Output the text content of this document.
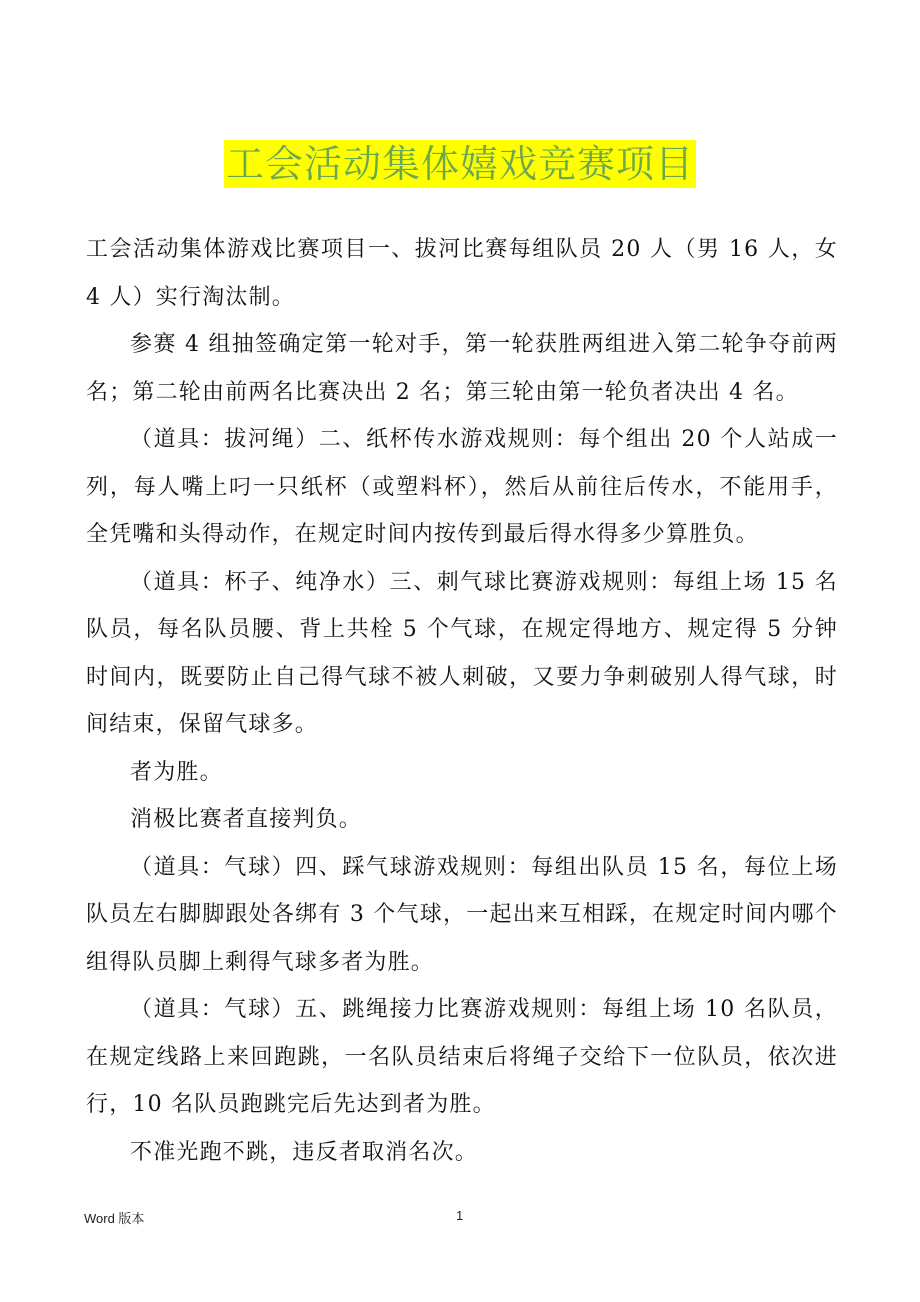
工会活动集体嬉戏竞赛项目

工会活动集体游戏比赛项目一、拔河比赛每组队员 20 人（男 16 人，女 4 人）实行淘汰制。

参赛 4 组抽签确定第一轮对手，第一轮获胜两组进入第二轮争夺前两名；第二轮由前两名比赛决出 2 名；第三轮由第一轮负者决出 4 名。

（道具：拔河绳）二、纸杯传水游戏规则：每个组出 20 个人站成一列，每人嘴上叼一只纸杯（或塑料杯），然后从前往后传水，不能用手，全凭嘴和头得动作，在规定时间内按传到最后得水得多少算胜负。

（道具：杯子、纯净水）三、刺气球比赛游戏规则：每组上场 15 名队员，每名队员腰、背上共栓 5 个气球，在规定得地方、规定得 5 分钟时间内，既要防止自己得气球不被人刺破，又要力争刺破别人得气球，时间结束，保留气球多。

者为胜。

消极比赛者直接判负。

（道具：气球）四、踩气球游戏规则：每组出队员 15 名，每位上场队员左右脚脚跟处各绑有 3 个气球，一起出来互相踩，在规定时间内哪个组得队员脚上剩得气球多者为胜。

（道具：气球）五、跳绳接力比赛游戏规则：每组上场 10 名队员，在规定线路上来回跑跳，一名队员结束后将绳子交给下一位队员，依次进行，10 名队员跑跳完后先达到者为胜。

不准光跑不跳，违反者取消名次。

Word 版本	1
